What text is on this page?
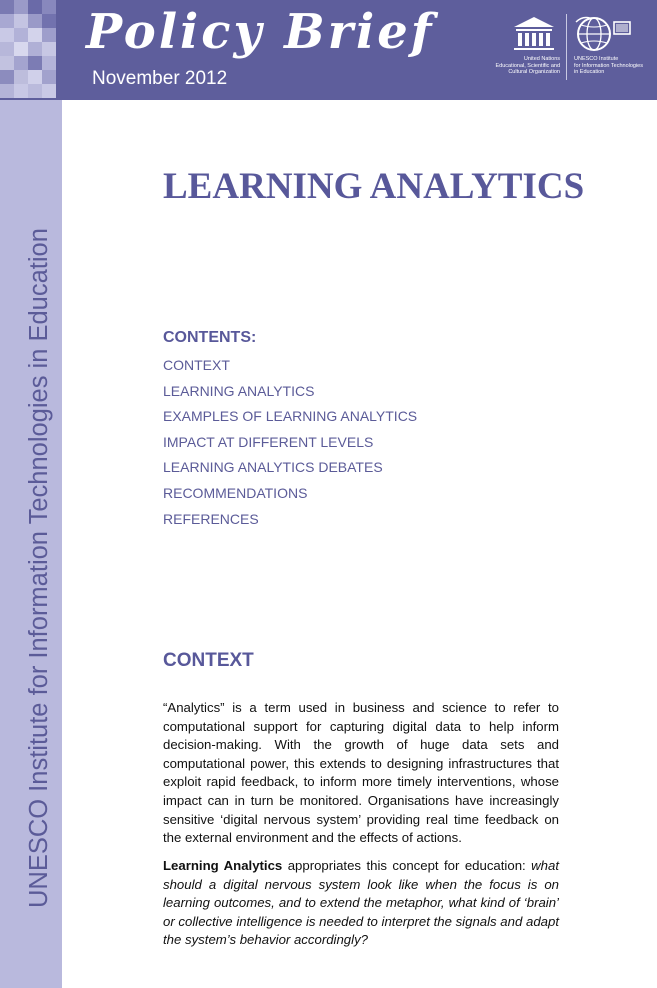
Policy Brief
November 2012
United Nations
Educational, Scientific and
Cultural Organization
UNESCO Institute
for Information Technologies
in Education
UNESCO Institute for Information Technologies in Education
LEARNING ANALYTICS
CONTENTS:
CONTEXT
LEARNING ANALYTICS
EXAMPLES OF LEARNING ANALYTICS
IMPACT AT DIFFERENT LEVELS
LEARNING ANALYTICS DEBATES
RECOMMENDATIONS
REFERENCES
CONTEXT

“Analytics” is a term used in business and science to refer to computational support for capturing digital data to help inform decision-making. With the growth of huge data sets and computational power, this extends to designing infrastructures that exploit rapid feedback, to inform more timely interventions, whose impact can in turn be monitored. Organisations have increasingly sensitive ‘digital nervous system’ providing real time feedback on the external environment and the effects of actions.

Learning Analytics appropriates this concept for education: what should a digital nervous system look like when the focus is on learning outcomes, and to extend the metaphor, what kind of ‘brain’ or collective intelligence is needed to interpret the signals and adapt the system’s behavior accordingly?
